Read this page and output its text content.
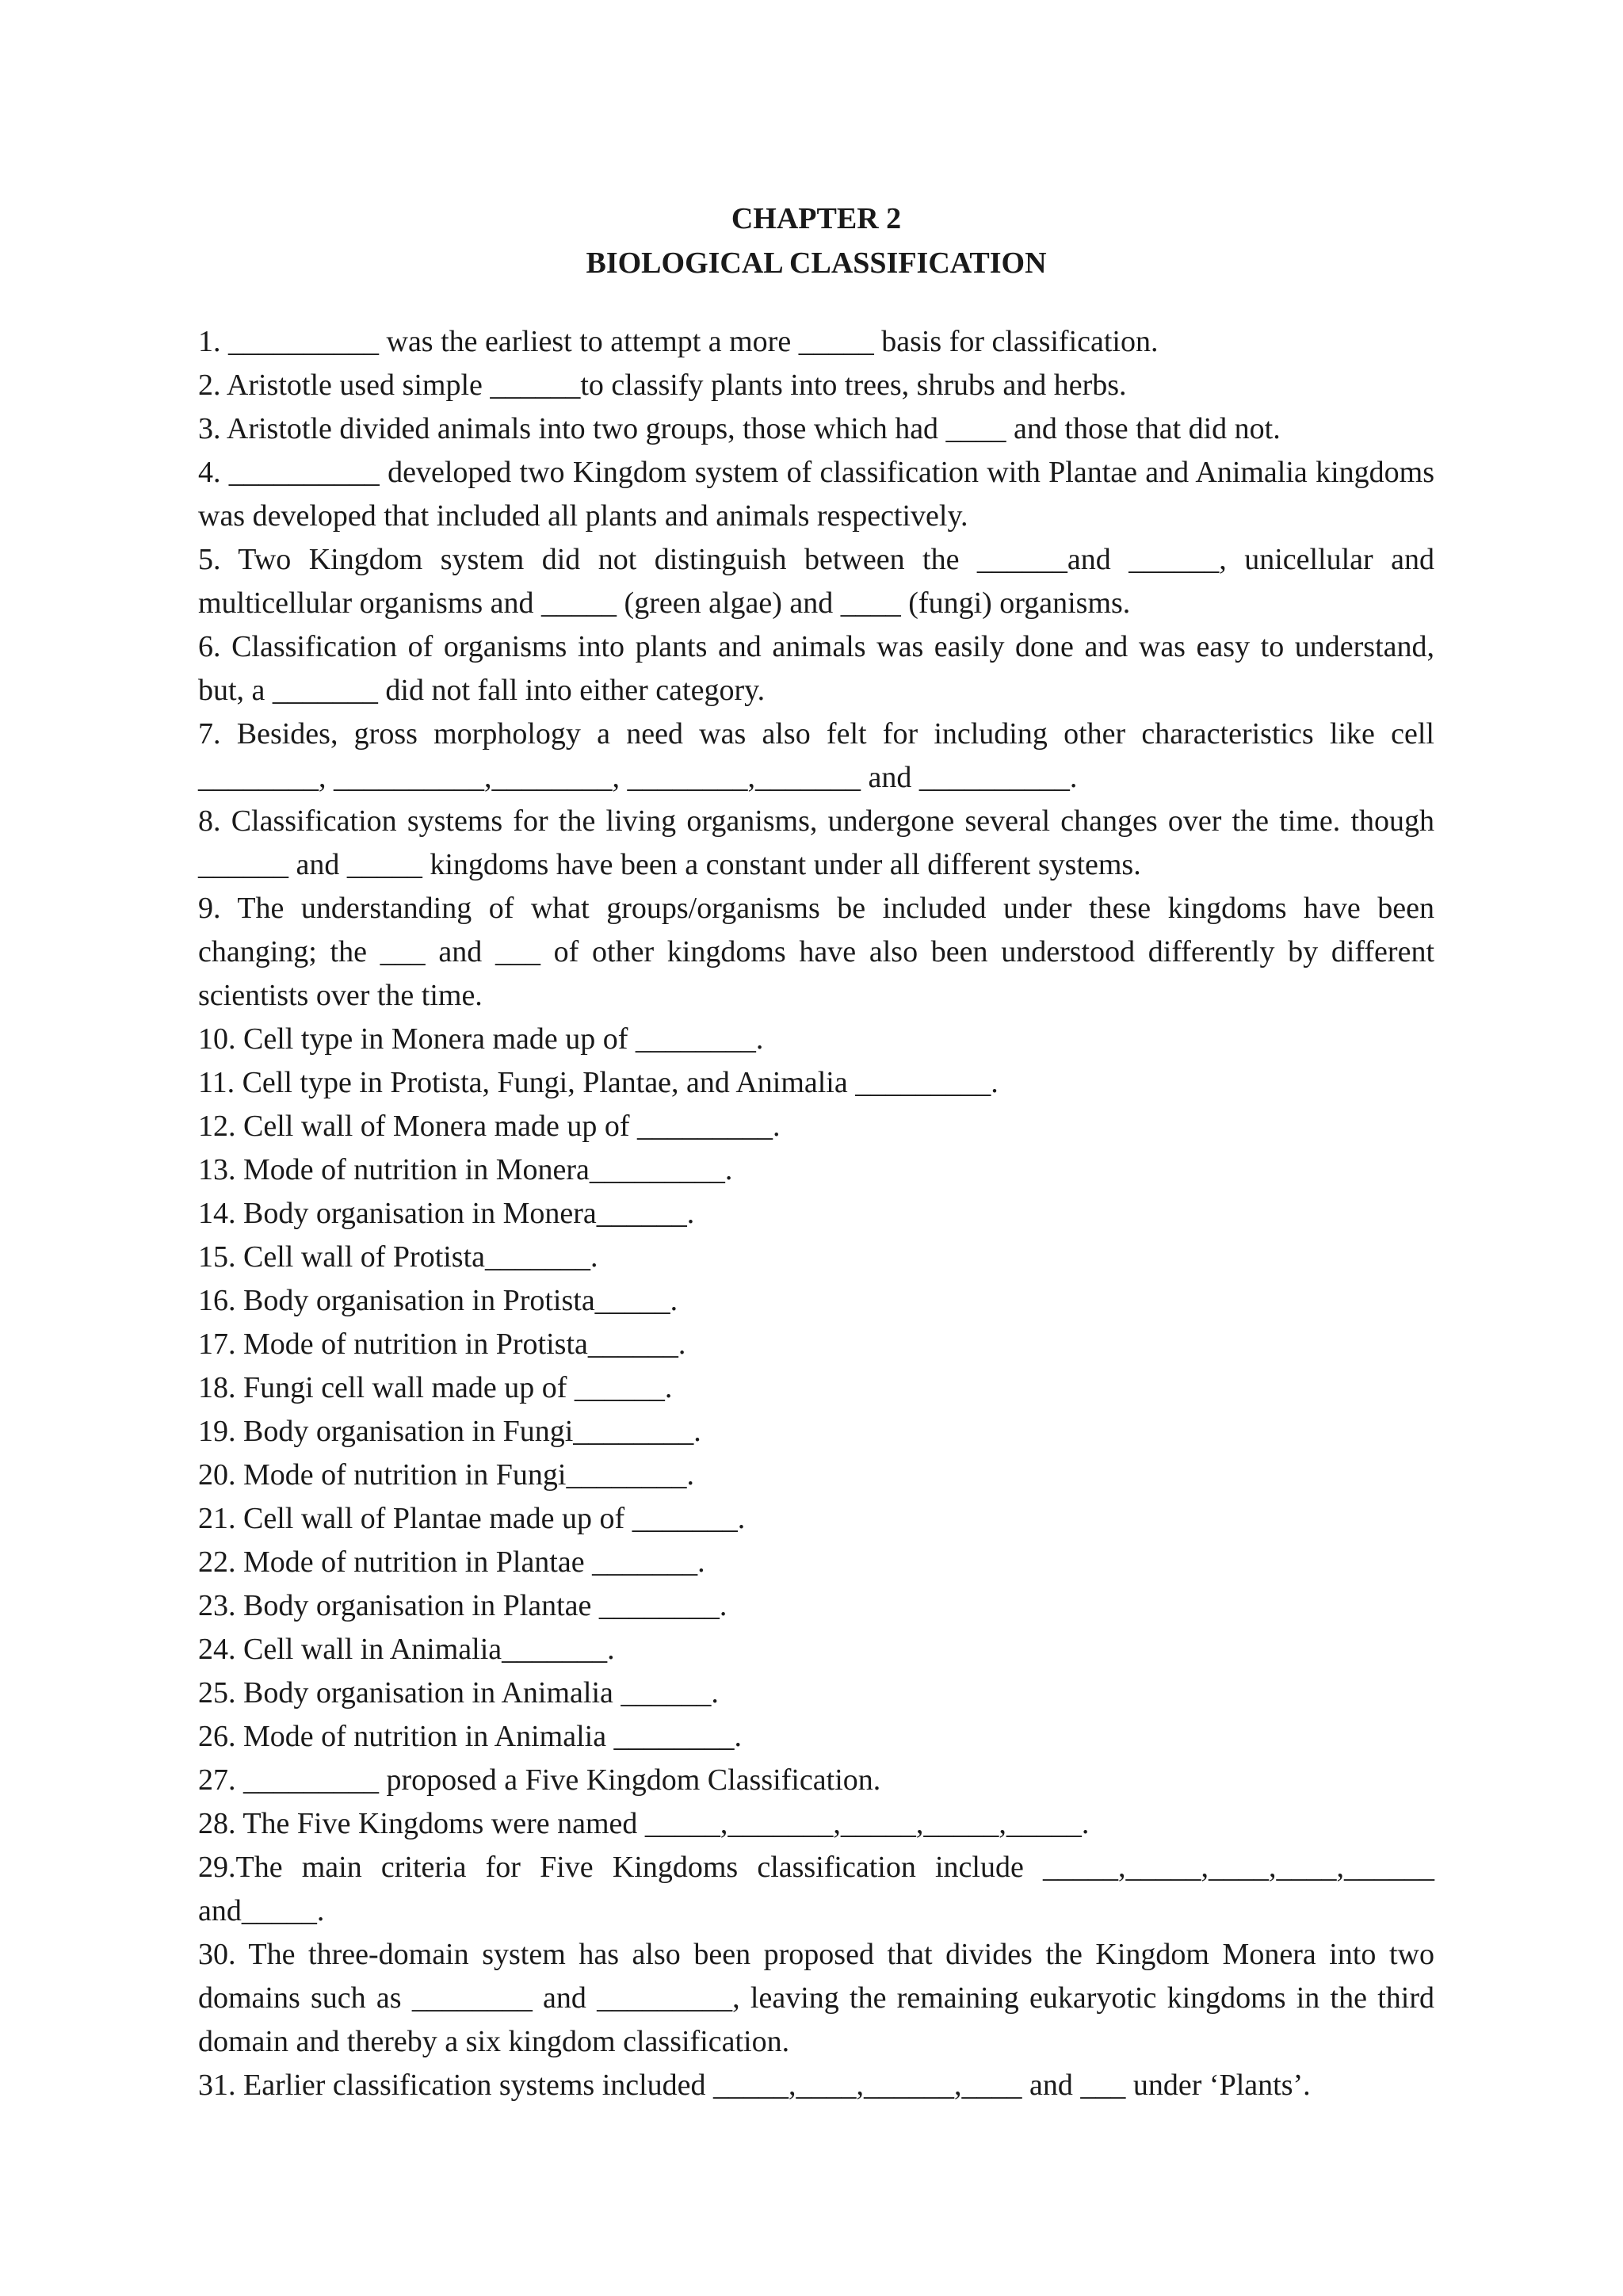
CHAPTER 2

BIOLOGICAL CLASSIFICATION

1. __________ was the earliest to attempt a more _____ basis for classification.
2. Aristotle used simple ______to classify plants into trees, shrubs and herbs.
3. Aristotle divided animals into two groups, those which had ____ and those that did not.
4. __________ developed two Kingdom system of classification with Plantae and Animalia kingdoms was developed that included all plants and animals respectively.
5. Two Kingdom system did not distinguish between the ______and ______, unicellular and multicellular organisms and _____ (green algae) and ____ (fungi) organisms.
6. Classification of organisms into plants and animals was easily done and was easy to understand, but, a _______ did not fall into either category.
7. Besides, gross morphology a need was also felt for including other characteristics like cell ________, __________,________, ________,_______ and __________.
8. Classification systems for the living organisms, undergone several changes over the time. though ______ and _____ kingdoms have been a constant under all different systems.
9. The understanding of what groups/organisms be included under these kingdoms have been changing; the ___ and ___ of other kingdoms have also been understood differently by different scientists over the time.
10. Cell type in Monera made up of ________.
11. Cell type in Protista, Fungi, Plantae, and Animalia _________.
12. Cell wall of Monera made up of _________.
13. Mode of nutrition in Monera_________.
14. Body organisation in Monera______.
15. Cell wall of Protista_______.
16. Body organisation in Protista_____.
17. Mode of nutrition in Protista______.
18. Fungi cell wall made up of ______.
19. Body organisation in Fungi________.
20. Mode of nutrition in Fungi________.
21. Cell wall of Plantae made up of _______.
22. Mode of nutrition in Plantae _______.
23. Body organisation in Plantae ________.
24. Cell wall in Animalia_______.
25. Body organisation in Animalia ______.
26. Mode of nutrition in Animalia ________.
27. _________ proposed a Five Kingdom Classification.
28. The Five Kingdoms were named _____,_______,_____,_____,_____.
29.The main criteria for Five Kingdoms classification include _____,_____,____,____,______ and_____.
30. The three-domain system has also been proposed that divides the Kingdom Monera into two domains such as ________ and _________, leaving the remaining eukaryotic kingdoms in the third domain and thereby a six kingdom classification.
31. Earlier classification systems included _____,____,______,____ and ___ under ‘Plants’.
